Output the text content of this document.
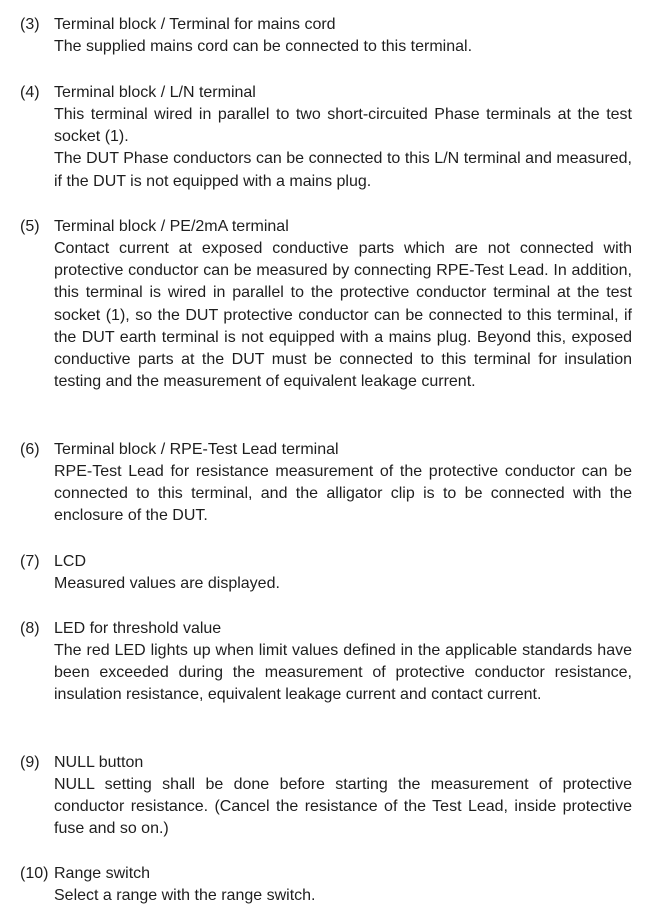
(3) Terminal block / Terminal for mains cord

The supplied mains cord can be connected to this terminal.

(4) Terminal block / L/N terminal

This terminal wired in parallel to two short-circuited Phase terminals at the test socket (1).

The DUT Phase conductors can be connected to this L/N terminal and measured, if the DUT is not equipped with a mains plug.

(5) Terminal block / PE/2mA terminal

Contact current at exposed conductive parts which are not connected with protective conductor can be measured by connecting RPE-Test Lead. In addition, this terminal is wired in parallel to the protective conductor terminal at the test socket (1), so the DUT protective conductor can be connected to this terminal, if the DUT earth terminal is not equipped with a mains plug. Beyond this, exposed conductive parts at the DUT must be connected to this terminal for insulation testing and the measurement of equivalent leakage current.

(6) Terminal block / RPE-Test Lead terminal

RPE-Test Lead for resistance measurement of the protective conductor can be connected to this terminal, and the alligator clip is to be connected with the enclosure of the DUT.

(7) LCD

Measured values are displayed.

(8) LED for threshold value

The red LED lights up when limit values defined in the applicable standards have been exceeded during the measurement of protective conductor resistance, insulation resistance, equivalent leakage current and contact current.

(9) NULL button

NULL setting shall be done before starting the measurement of protective conductor resistance. (Cancel the resistance of the Test Lead, inside protective fuse and so on.)

(10) Range switch

Select a range with the range switch.
